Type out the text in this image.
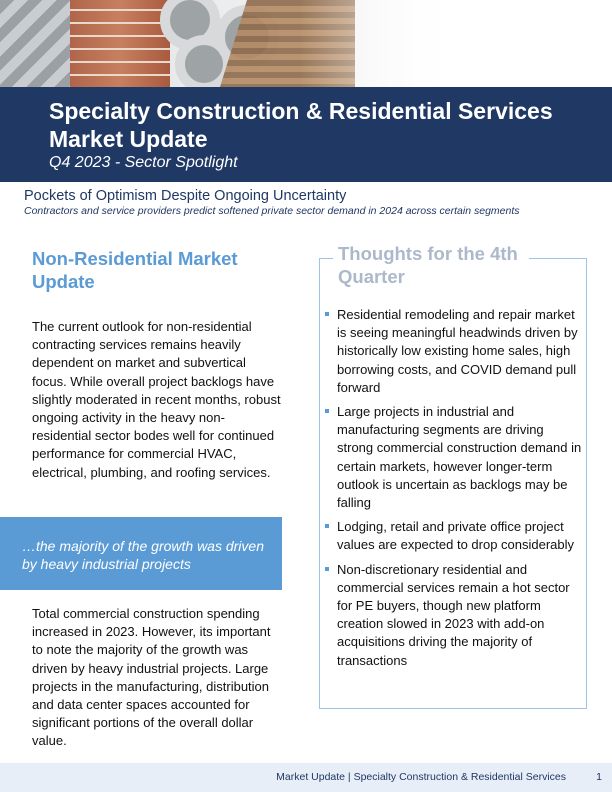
Specialty Construction & Residential Services Market Update

Q4 2023 - Sector Spotlight

Pockets of Optimism Despite Ongoing Uncertainty

Contractors and service providers predict softened private sector demand in 2024 across certain segments

Non-Residential Market Update

The current outlook for non-residential contracting services remains heavily dependent on market and subvertical focus. While overall project backlogs have slightly moderated in recent months, robust ongoing activity in the heavy non-residential sector bodes well for continued performance for commercial HVAC, electrical, plumbing, and roofing services.

…the majority of the growth was driven by heavy industrial projects

Total commercial construction spending increased in 2023. However, its important to note the majority of the growth was driven by heavy industrial projects. Large projects in the manufacturing, distribution and data center spaces accounted for significant portions of the overall dollar value.

Thoughts for the 4th Quarter
Residential remodeling and repair market is seeing meaningful headwinds driven by historically low existing home sales, high borrowing costs, and COVID demand pull forward
Large projects in industrial and manufacturing segments are driving strong commercial construction demand in certain markets, however longer-term outlook is uncertain as backlogs may be falling
Lodging, retail and private office project values are expected to drop considerably
Non-discretionary residential and commercial services remain a hot sector for PE buyers, though new platform creation slowed in 2023 with add-on acquisitions driving the majority of transactions

Market Update | Specialty Construction & Residential Services	1
